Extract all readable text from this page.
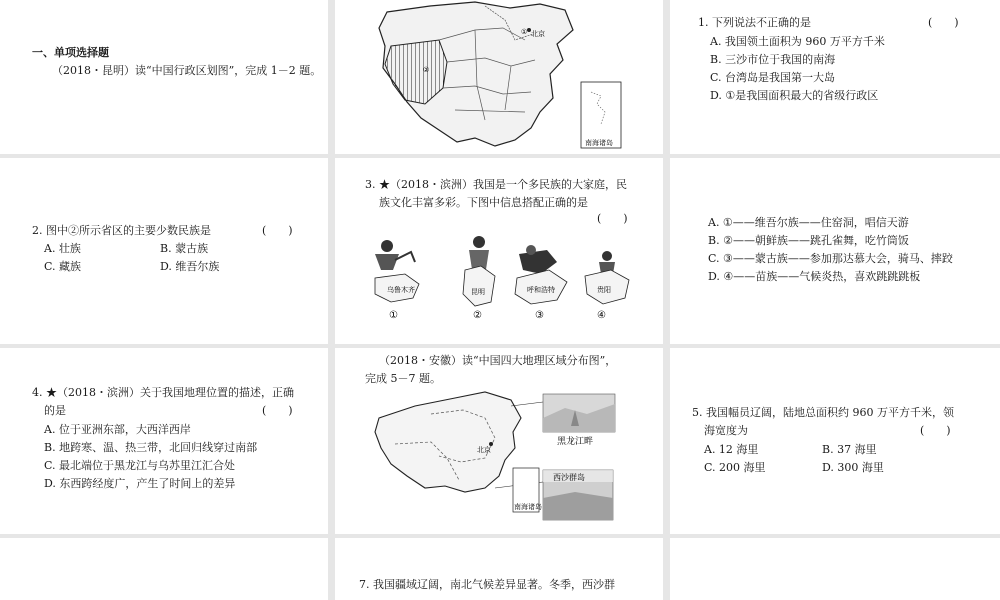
一、单项选择题
（2018・昆明）读“中国行政区划图”，完成 1－2 题。
① 北京
②
南海诸岛
1. 下列说法不正确的是	(　　)
A. 我国领土面积为 960 万平方千米
B. 三沙市位于我国的南海
C. 台湾岛是我国第一大岛
D. ①是我国面积最大的省级行政区
2. 图中②所示省区的主要少数民族是	(　　)
A. 壮族	B. 蒙古族
C. 藏族	D. 维吾尔族
3. ★（2018・滨洲）我国是一个多民族的大家庭，民
族文化丰富多彩。下图中信息搭配正确的是
(　　)
乌鲁木齐
①
昆明
②
呼和浩特
③
贵阳
④
A. ①——维吾尔族——住窑洞，唱信天游
B. ②——朝鲜族——跳孔雀舞，吃竹筒饭
C. ③——蒙古族——参加那达慕大会，骑马、摔跤
D. ④——苗族——气候炎热，喜欢跳跳跳板
4. ★（2018・滨洲）关于我国地理位置的描述，正确
的是	(　　)
A. 位于亚洲东部，大西洋西岸
B. 地跨寒、温、热三带，北回归线穿过南部
C. 最北端位于黑龙江与乌苏里江汇合处
D. 东西跨经度广，产生了时间上的差异
（2018・安徽）读“中国四大地理区域分布图”，
完成 5－7 题。
北京
黑龙江畔
西沙群岛
南海诸岛
5. 我国幅员辽阔，陆地总面积约 960 万平方千米，领
海宽度为	(　　)
A. 12 海里	B. 37 海里
C. 200 海里	D. 300 海里
7. 我国疆域辽阔，南北气候差异显著。冬季，西沙群
